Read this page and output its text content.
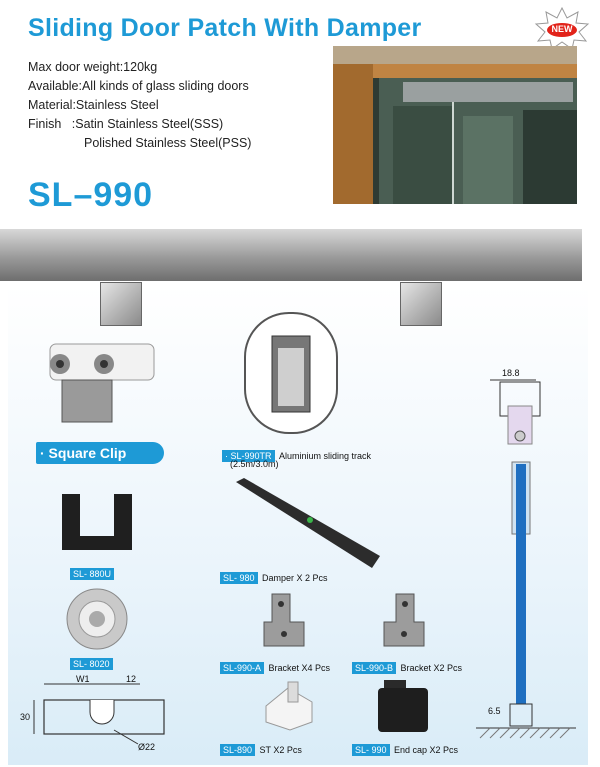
Sliding Door Patch With Damper	NEW
Max door weight:120kg
Available:All kinds of glass sliding doors
Material:Stainless Steel
Finish   :Satin Stainless Steel(SSS)
Polished Stainless Steel(PSS)
SL–990
· Square Clip	· SL-990TR Aluminium sliding track
(2.5m/3.0m)
SL- 880U	SL- 980 Damper X 2 Pcs
SL- 8020	SL-990-A Bracket X4 Pcs	SL-990-B Bracket X2 Pcs
SL-890 ST X2 Pcs	SL- 990 End cap X2 Pcs
W1	12
30
Ø22
18.8
6.5
